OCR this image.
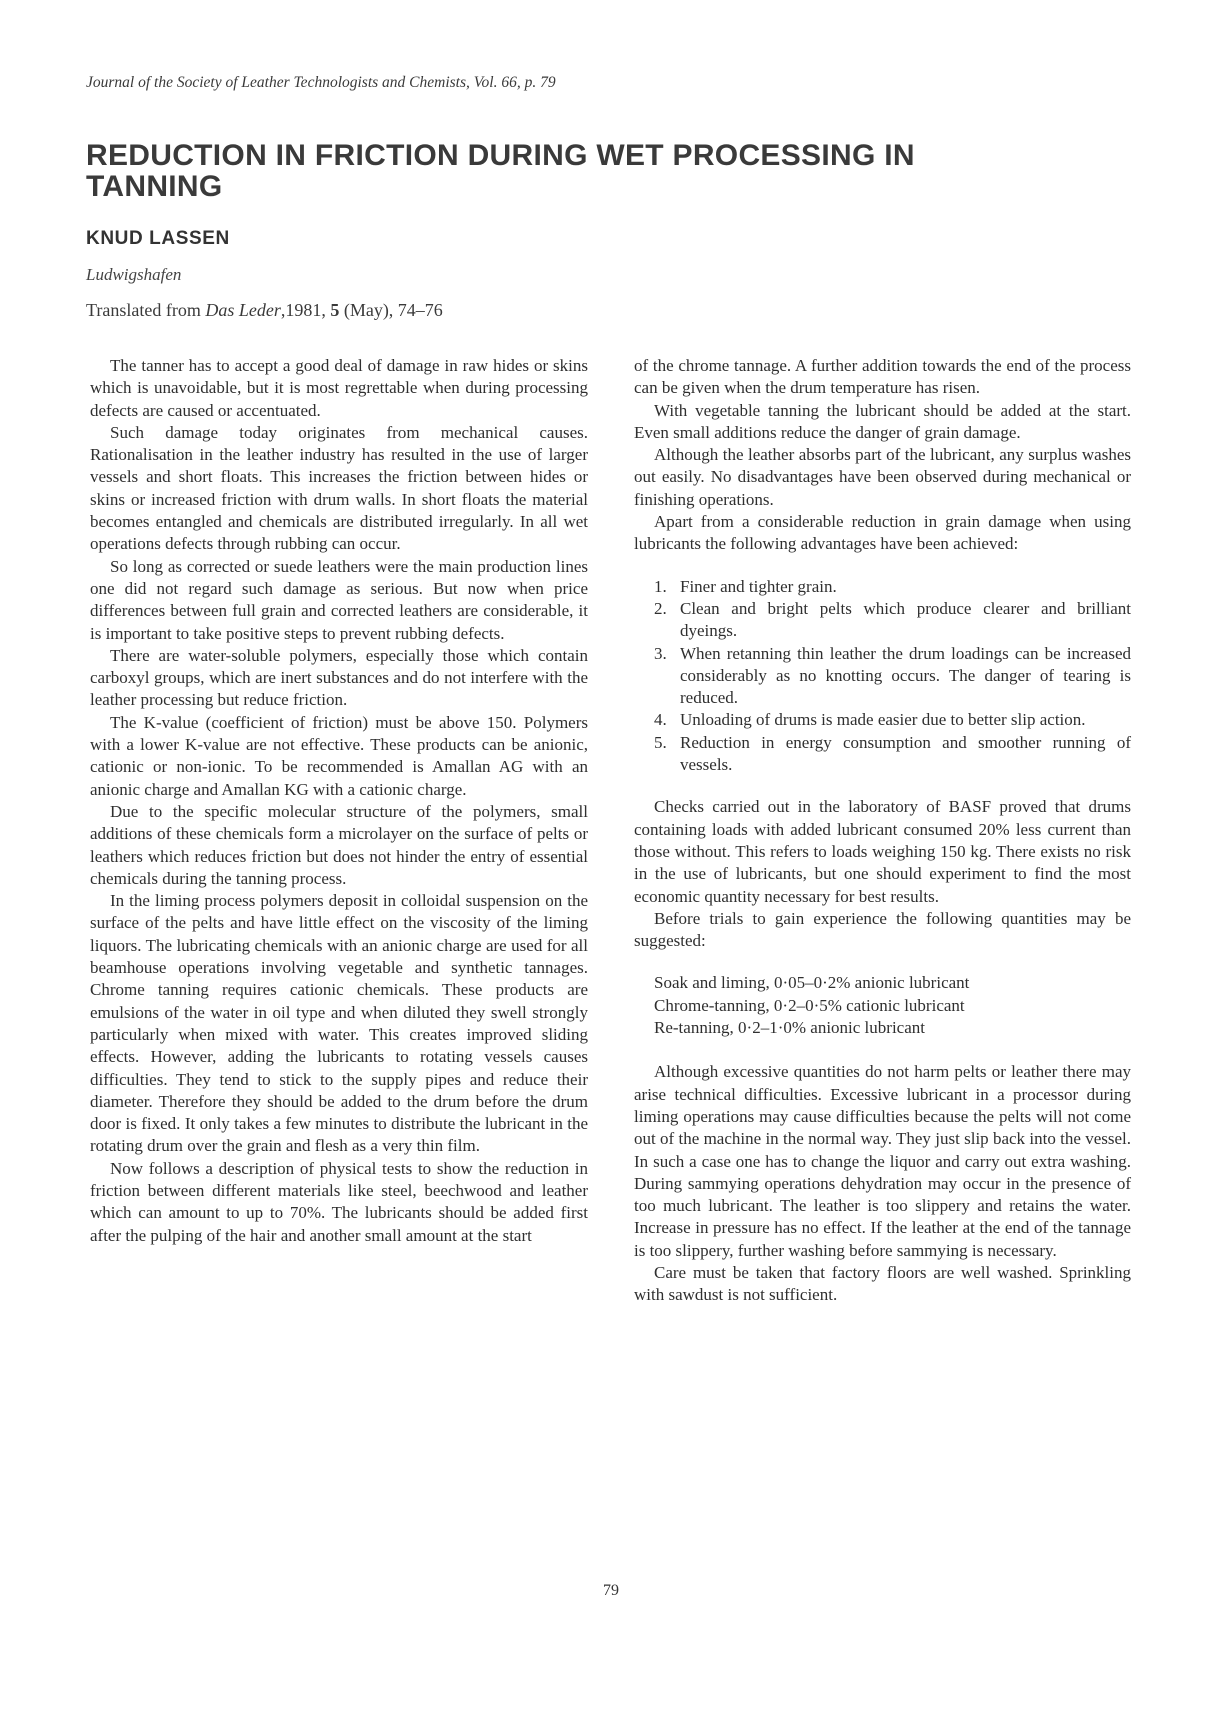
Journal of the Society of Leather Technologists and Chemists, Vol. 66, p. 79
REDUCTION IN FRICTION DURING WET PROCESSING IN TANNING
KNUD LASSEN
Ludwigshafen
Translated from Das Leder,1981, 5 (May), 74–76

The tanner has to accept a good deal of damage in raw hides or skins which is unavoidable, but it is most regrettable when during processing defects are caused or accentuated.

Such damage today originates from mechanical causes. Rationalisation in the leather industry has resulted in the use of larger vessels and short floats. This increases the friction between hides or skins or increased friction with drum walls. In short floats the material becomes entangled and chemicals are distributed irregularly. In all wet operations defects through rubbing can occur.

So long as corrected or suede leathers were the main production lines one did not regard such damage as serious. But now when price differences between full grain and corrected leathers are considerable, it is important to take positive steps to prevent rubbing defects.

There are water-soluble polymers, especially those which contain carboxyl groups, which are inert substances and do not interfere with the leather processing but reduce friction.

The K-value (coefficient of friction) must be above 150. Polymers with a lower K-value are not effective. These products can be anionic, cationic or non-ionic. To be recommended is Amallan AG with an anionic charge and Amallan KG with a cationic charge.

Due to the specific molecular structure of the polymers, small additions of these chemicals form a microlayer on the surface of pelts or leathers which reduces friction but does not hinder the entry of essential chemicals during the tanning process.

In the liming process polymers deposit in colloidal suspension on the surface of the pelts and have little effect on the viscosity of the liming liquors. The lubricating chemicals with an anionic charge are used for all beamhouse operations involving vegetable and synthetic tannages. Chrome tanning requires cationic chemicals. These products are emulsions of the water in oil type and when diluted they swell strongly particularly when mixed with water. This creates improved sliding effects. However, adding the lubricants to rotating vessels causes difficulties. They tend to stick to the supply pipes and reduce their diameter. Therefore they should be added to the drum before the drum door is fixed. It only takes a few minutes to distribute the lubricant in the rotating drum over the grain and flesh as a very thin film.

Now follows a description of physical tests to show the reduction in friction between different materials like steel, beechwood and leather which can amount to up to 70%. The lubricants should be added first after the pulping of the hair and another small amount at the start

of the chrome tannage. A further addition towards the end of the process can be given when the drum temperature has risen.

With vegetable tanning the lubricant should be added at the start. Even small additions reduce the danger of grain damage.

Although the leather absorbs part of the lubricant, any surplus washes out easily. No disadvantages have been observed during mechanical or finishing operations.

Apart from a considerable reduction in grain damage when using lubricants the following advantages have been achieved:

1. Finer and tighter grain.
2. Clean and bright pelts which produce clearer and brilliant dyeings.
3. When retanning thin leather the drum loadings can be increased considerably as no knotting occurs. The danger of tearing is reduced.
4. Unloading of drums is made easier due to better slip action.
5. Reduction in energy consumption and smoother running of vessels.

Checks carried out in the laboratory of BASF proved that drums containing loads with added lubricant consumed 20% less current than those without. This refers to loads weighing 150 kg. There exists no risk in the use of lubricants, but one should experiment to find the most economic quantity necessary for best results.

Before trials to gain experience the following quantities may be suggested:

Soak and liming, 0·05–0·2% anionic lubricant
Chrome-tanning, 0·2–0·5% cationic lubricant
Re-tanning, 0·2–1·0% anionic lubricant

Although excessive quantities do not harm pelts or leather there may arise technical difficulties. Excessive lubricant in a processor during liming operations may cause difficulties because the pelts will not come out of the machine in the normal way. They just slip back into the vessel. In such a case one has to change the liquor and carry out extra washing. During sammying operations dehydration may occur in the presence of too much lubricant. The leather is too slippery and retains the water. Increase in pressure has no effect. If the leather at the end of the tannage is too slippery, further washing before sammying is necessary.

Care must be taken that factory floors are well washed. Sprinkling with sawdust is not sufficient.

79
